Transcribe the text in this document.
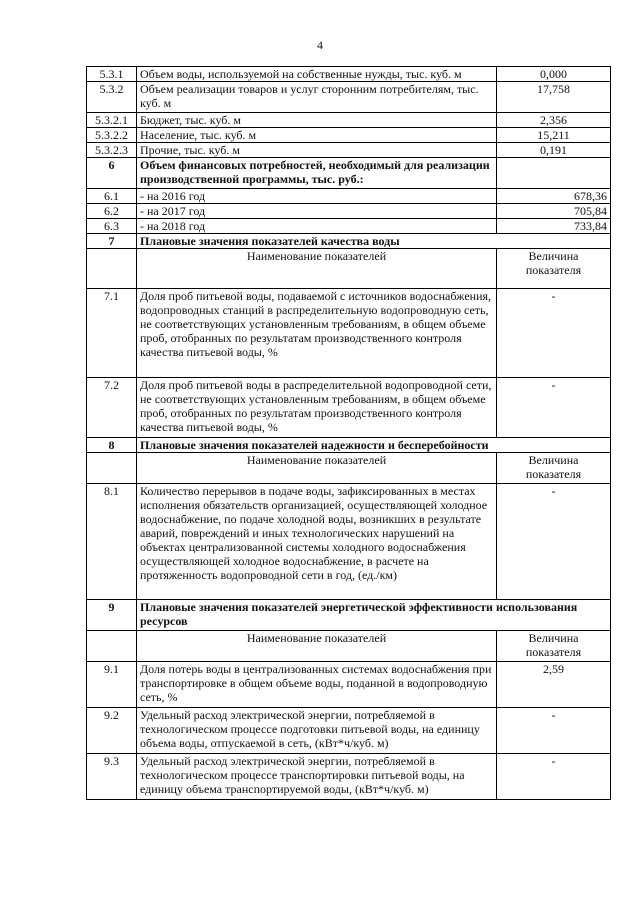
4
5.3.1	Объем воды, используемой на собственные нужды, тыс. куб. м	0,000
5.3.2	Объем реализации товаров и услуг сторонним потребителям, тыс. куб. м	17,758
5.3.2.1	Бюджет, тыс. куб. м	2,356
5.3.2.2	Население, тыс. куб. м	15,211
5.3.2.3	Прочие, тыс. куб. м	0,191
6	Объем финансовых потребностей, необходимый для реализации производственной программы, тыс. руб.:	
6.1	- на 2016 год	678,36
6.2	- на 2017 год	705,84
6.3	- на 2018 год	733,84
7	Плановые значения показателей качества воды	
	Наименование показателей	Величина показателя
7.1	Доля проб питьевой воды, подаваемой с источников водоснабжения, водопроводных станций в распределительную водопроводную сеть, не соответствующих установленным требованиям, в общем объеме проб, отобранных по результатам производственного контроля качества питьевой воды, %	-
7.2	Доля проб питьевой воды в распределительной водопроводной сети, не соответствующих установленным требованиям, в общем объеме проб, отобранных по результатам производственного контроля качества питьевой воды, %	-
8	Плановые значения показателей надежности и бесперебойности	
	Наименование показателей	Величина показателя
8.1	Количество перерывов в подаче воды, зафиксированных в местах исполнения обязательств организацией, осуществляющей холодное водоснабжение, по подаче холодной воды, возникших в результате аварий, повреждений и иных технологических нарушений на объектах централизованной системы холодного водоснабжения осуществляющей холодное водоснабжение, в расчете на протяженность водопроводной сети в год, (ед./км)	-
9	Плановые значения показателей энергетической эффективности использования ресурсов	
	Наименование показателей	Величина показателя
9.1	Доля потерь воды в централизованных системах водоснабжения при транспортировке в общем объеме воды, поданной в водопроводную сеть, %	2,59
9.2	Удельный расход электрической энергии, потребляемой в технологическом процессе подготовки питьевой воды, на единицу объема воды, отпускаемой в сеть, (кВт*ч/куб. м)	-
9.3	Удельный расход электрической энергии, потребляемой в технологическом процессе транспортировки питьевой воды, на единицу объема транспортируемой воды, (кВт*ч/куб. м)	-
